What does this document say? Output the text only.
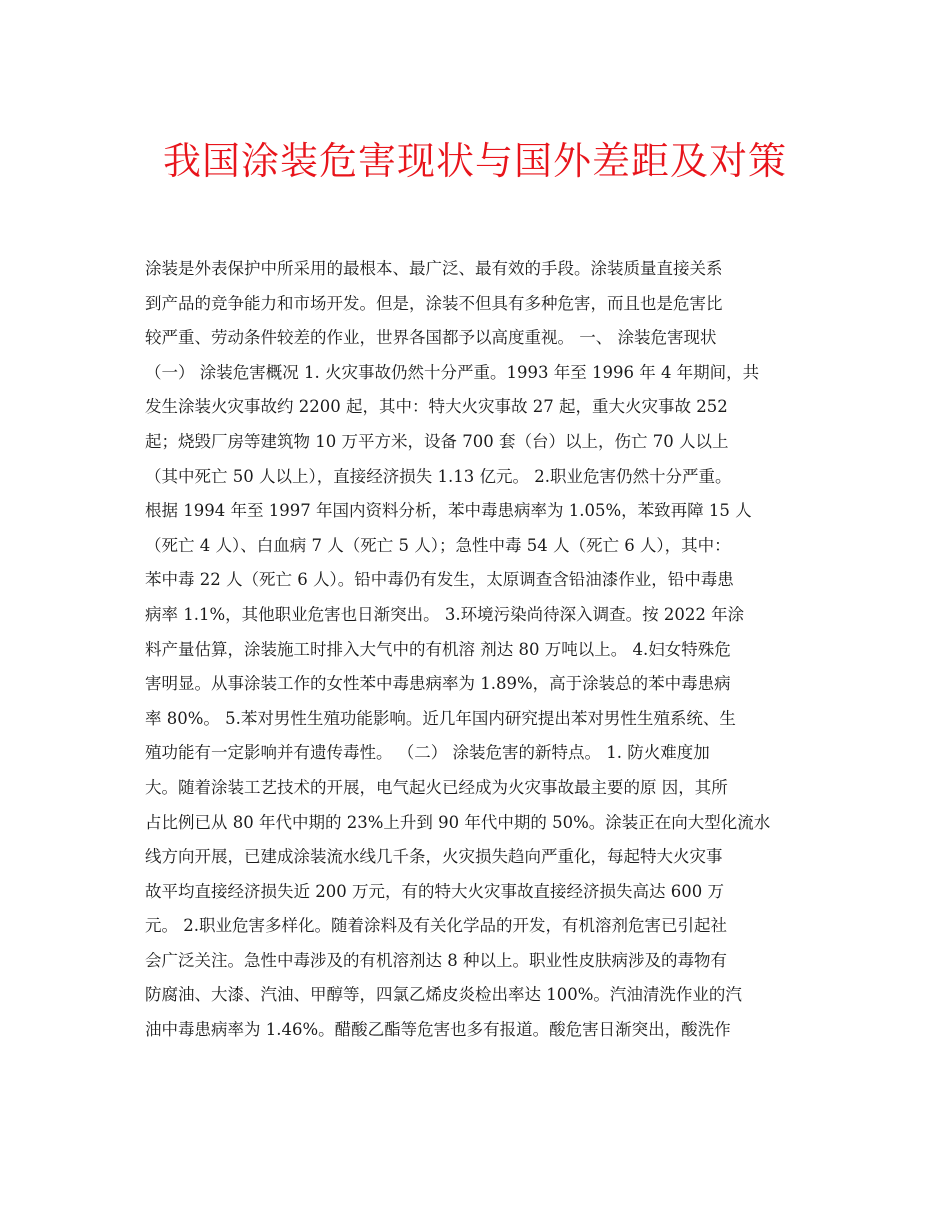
我国涂装危害现状与国外差距及对策
涂装是外表保护中所采用的最根本、最广泛、最有效的手段。涂装质量直接关系
到产品的竞争能力和市场开发。但是，涂装不但具有多种危害，而且也是危害比
较严重、劳动条件较差的作业，世界各国都予以高度重视。 一、 涂装危害现状
（一） 涂装危害概况 1. 火灾事故仍然十分严重。1993 年至 1996 年 4 年期间，共
发生涂装火灾事故约 2200 起，其中：特大火灾事故 27 起，重大火灾事故 252
起；烧毁厂房等建筑物 10 万平方米，设备 700 套（台）以上，伤亡 70 人以上
（其中死亡 50 人以上），直接经济损失 1.13 亿元。 2.职业危害仍然十分严重。
根据 1994 年至 1997 年国内资料分析，苯中毒患病率为 1.05%，苯致再障 15 人
（死亡 4 人）、白血病 7 人（死亡 5 人）；急性中毒 54 人（死亡 6 人），其中：
苯中毒 22 人（死亡 6 人）。铅中毒仍有发生，太原调查含铅油漆作业，铅中毒患
病率 1.1%，其他职业危害也日渐突出。 3.环境污染尚待深入调查。按 2022 年涂
料产量估算，涂装施工时排入大气中的有机溶 剂达 80 万吨以上。 4.妇女特殊危
害明显。从事涂装工作的女性苯中毒患病率为 1.89%，高于涂装总的苯中毒患病
率 80%。 5.苯对男性生殖功能影响。近几年国内研究提出苯对男性生殖系统、生
殖功能有一定影响并有遗传毒性。 （二） 涂装危害的新特点。 1. 防火难度加
大。随着涂装工艺技术的开展，电气起火已经成为火灾事故最主要的原 因，其所
占比例已从 80 年代中期的 23%上升到 90 年代中期的 50%。涂装正在向大型化流水
线方向开展，已建成涂装流水线几千条，火灾损失趋向严重化，每起特大火灾事
故平均直接经济损失近 200 万元，有的特大火灾事故直接经济损失高达 600 万
元。 2.职业危害多样化。随着涂料及有关化学品的开发，有机溶剂危害已引起社
会广泛关注。急性中毒涉及的有机溶剂达 8 种以上。职业性皮肤病涉及的毒物有
防腐油、大漆、汽油、甲醇等，四氯乙烯皮炎检出率达 100%。汽油清洗作业的汽
油中毒患病率为 1.46%。醋酸乙酯等危害也多有报道。酸危害日渐突出，酸洗作
